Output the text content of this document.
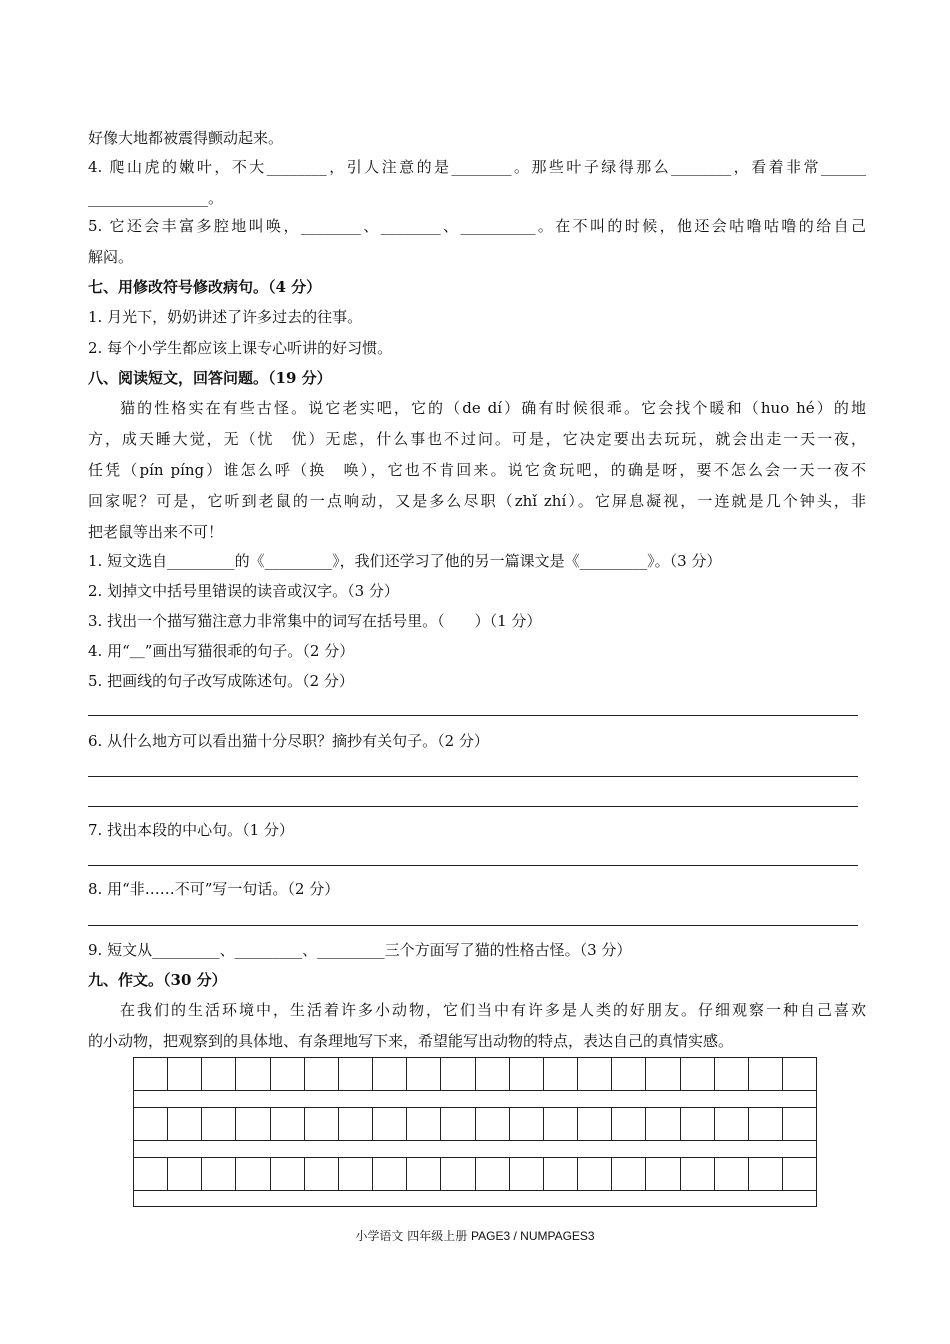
好像大地都被震得颤动起来。
4. 爬山虎的嫩叶，不大________，引人注意的是________。那些叶子绿得那么________，看着非常______
________________。
5. 它还会丰富多腔地叫唤，________、________、__________。在不叫的时候，他还会咕噜咕噜的给自己
解闷。
七、用修改符号修改病句。（4 分）
1. 月光下，奶奶讲述了许多过去的往事。
2. 每个小学生都应该上课专心听讲的好习惯。
八、阅读短文，回答问题。（19 分）
猫的性格实在有些古怪。说它老实吧，它的（de dí）确有时候很乖。它会找个暖和（huo hé）的地
方，成天睡大觉，无（忧　优）无虑，什么事也不过问。可是，它决定要出去玩玩，就会出走一天一夜，
任凭（pín píng）谁怎么呼（换　唤），它也不肯回来。说它贪玩吧，的确是呀，要不怎么会一天一夜不
回家呢？可是，它听到老鼠的一点响动，又是多么尽职（zhǐ zhí）。它屏息凝视，一连就是几个钟头，非
把老鼠等出来不可！
1. 短文选自_________的《_________》，我们还学习了他的另一篇课文是《_________》。（3 分）
2. 划掉文中括号里错误的读音或汉字。（3 分）
3. 找出一个描写猫注意力非常集中的词写在括号里。（　　）（1 分）
4. 用“＿”画出写猫很乖的句子。（2 分）
5. 把画线的句子改写成陈述句。（2 分）
6. 从什么地方可以看出猫十分尽职？摘抄有关句子。（2 分）
7. 找出本段的中心句。（1 分）
8. 用“非……不可”写一句话。（2 分）
9. 短文从_________、_________、_________三个方面写了猫的性格古怪。（3 分）
九、作文。（30 分）
在我们的生活环境中，生活着许多小动物，它们当中有许多是人类的好朋友。仔细观察一种自己喜欢
的小动物，把观察到的具体地、有条理地写下来，希望能写出动物的特点，表达自己的真情实感。
小学语文 四年级上册 PAGE3 / NUMPAGES3
